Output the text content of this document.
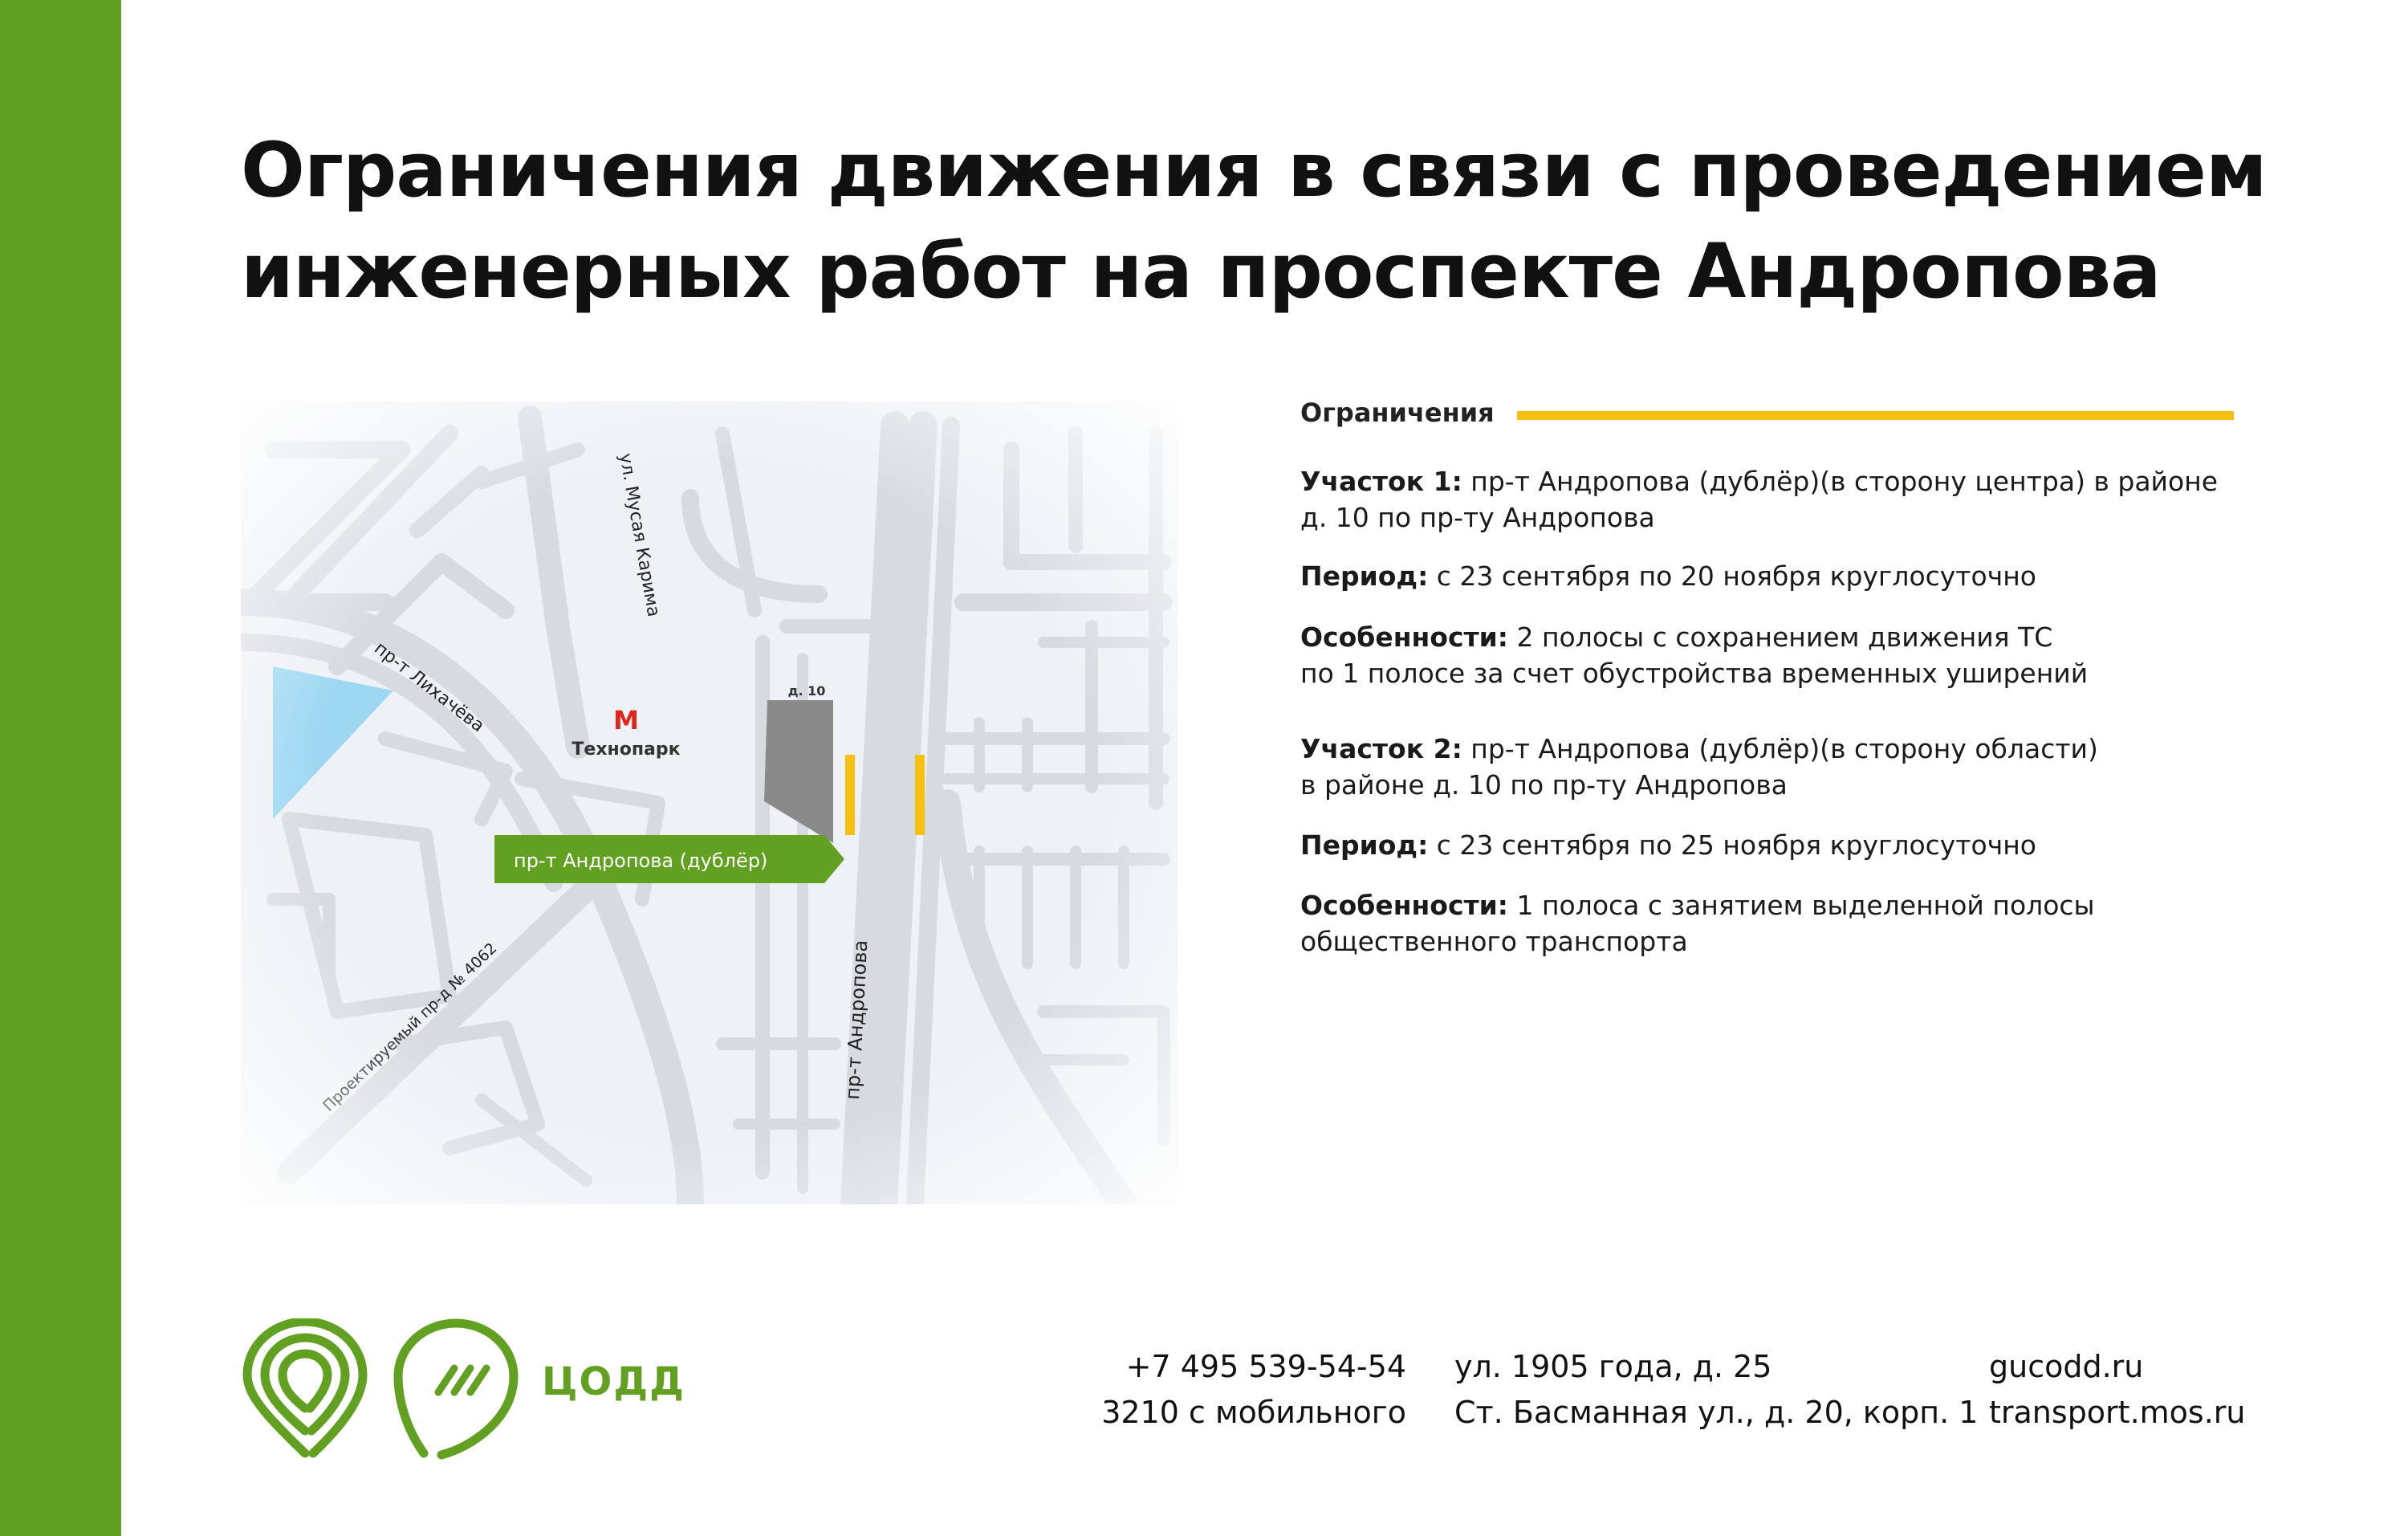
Ограничения движения в связи с проведением
инженерных работ на проспекте Андропова
Ограничения
Участок 1: пр-т Андропова (дублёр)(в сторону центра) в районе
д. 10 по пр-ту Андропова
Период: с 23 сентября по 20 ноября круглосуточно
Особенности: 2 полосы с сохранением движения ТС
по 1 полосе за счет обустройства временных уширений
Участок 2: пр-т Андропова (дублёр)(в сторону области)
в районе д. 10 по пр-ту Андропова
Период: с 23 сентября по 25 ноября круглосуточно
Особенности: 1 полоса с занятием выделенной полосы
общественного транспорта
ЦОДД	+7 495 539-54-54
3210 с мобильного
ул. 1905 года, д. 25
Ст. Басманная ул., д. 20, корп. 1
gucodd.ru
transport.mos.ru
